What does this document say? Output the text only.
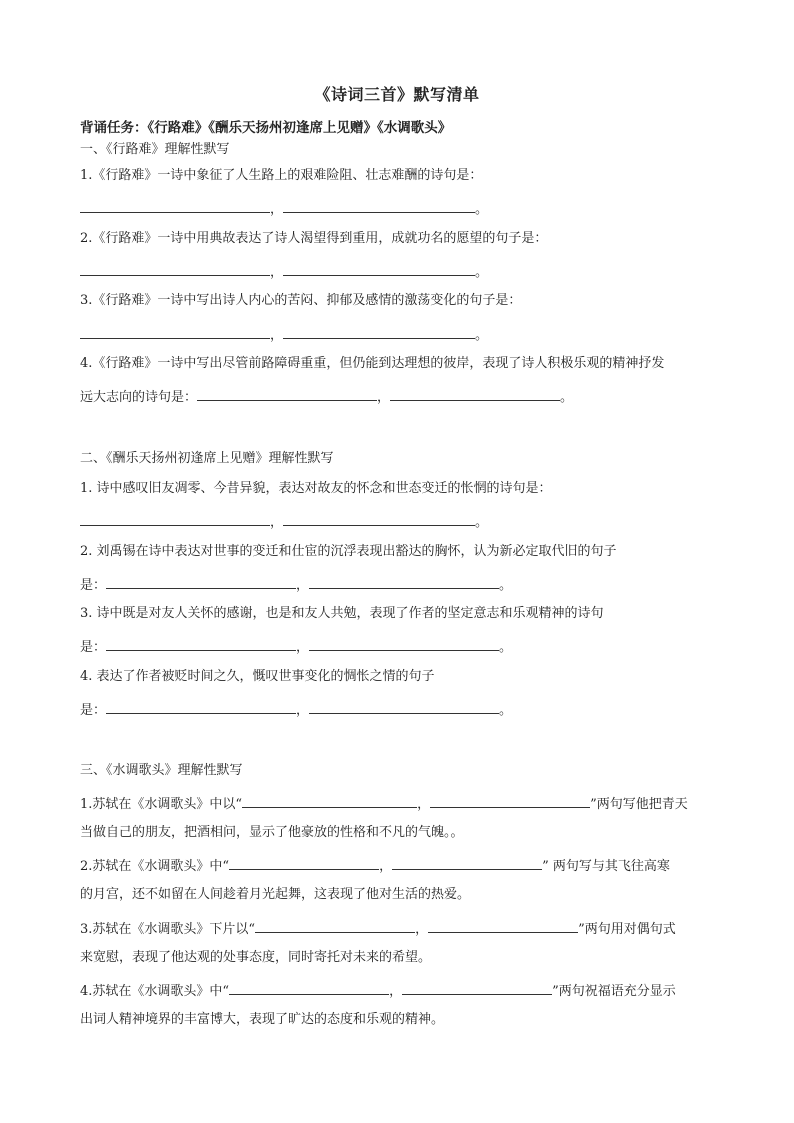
《诗词三首》默写清单
背诵任务：《行路难》《酬乐天扬州初逢席上见赠》《水调歌头》
一、《行路难》理解性默写
1.《行路难》一诗中象征了人生路上的艰难险阻、壮志难酬的诗句是：
，	。
2.《行路难》一诗中用典故表达了诗人渴望得到重用，成就功名的愿望的句子是：
，	。
3.《行路难》一诗中写出诗人内心的苦闷、抑郁及感情的激荡变化的句子是：
，	。
4.《行路难》一诗中写出尽管前路障碍重重，但仍能到达理想的彼岸，表现了诗人积极乐观的精神抒发
远大志向的诗句是：	，	。
二、《酬乐天扬州初逢席上见赠》理解性默写
1. 诗中感叹旧友凋零、今昔异貌，表达对故友的怀念和世态变迁的怅惘的诗句是：
，	。
2. 刘禹锡在诗中表达对世事的变迁和仕宦的沉浮表现出豁达的胸怀，认为新必定取代旧的句子
是：	，	。
3. 诗中既是对友人关怀的感谢，也是和友人共勉，表现了作者的坚定意志和乐观精神的诗句
是：	，	。
4. 表达了作者被贬时间之久，慨叹世事变化的惆怅之情的句子
是：	，	。
三、《水调歌头》理解性默写
1.苏轼在《水调歌头》中以“	，	”两句写他把青天
当做自己的朋友，把酒相问，显示了他豪放的性格和不凡的气魄。。
2.苏轼在《水调歌头》中“	，	” 两句写与其飞往高寒
的月宫，还不如留在人间趁着月光起舞，这表现了他对生活的热爱。
3.苏轼在《水调歌头》下片以“	，	”两句用对偶句式
来宽慰，表现了他达观的处事态度，同时寄托对未来的希望。
4.苏轼在《水调歌头》中“	，	”两句祝福语充分显示
出词人精神境界的丰富博大，表现了旷达的态度和乐观的精神。
